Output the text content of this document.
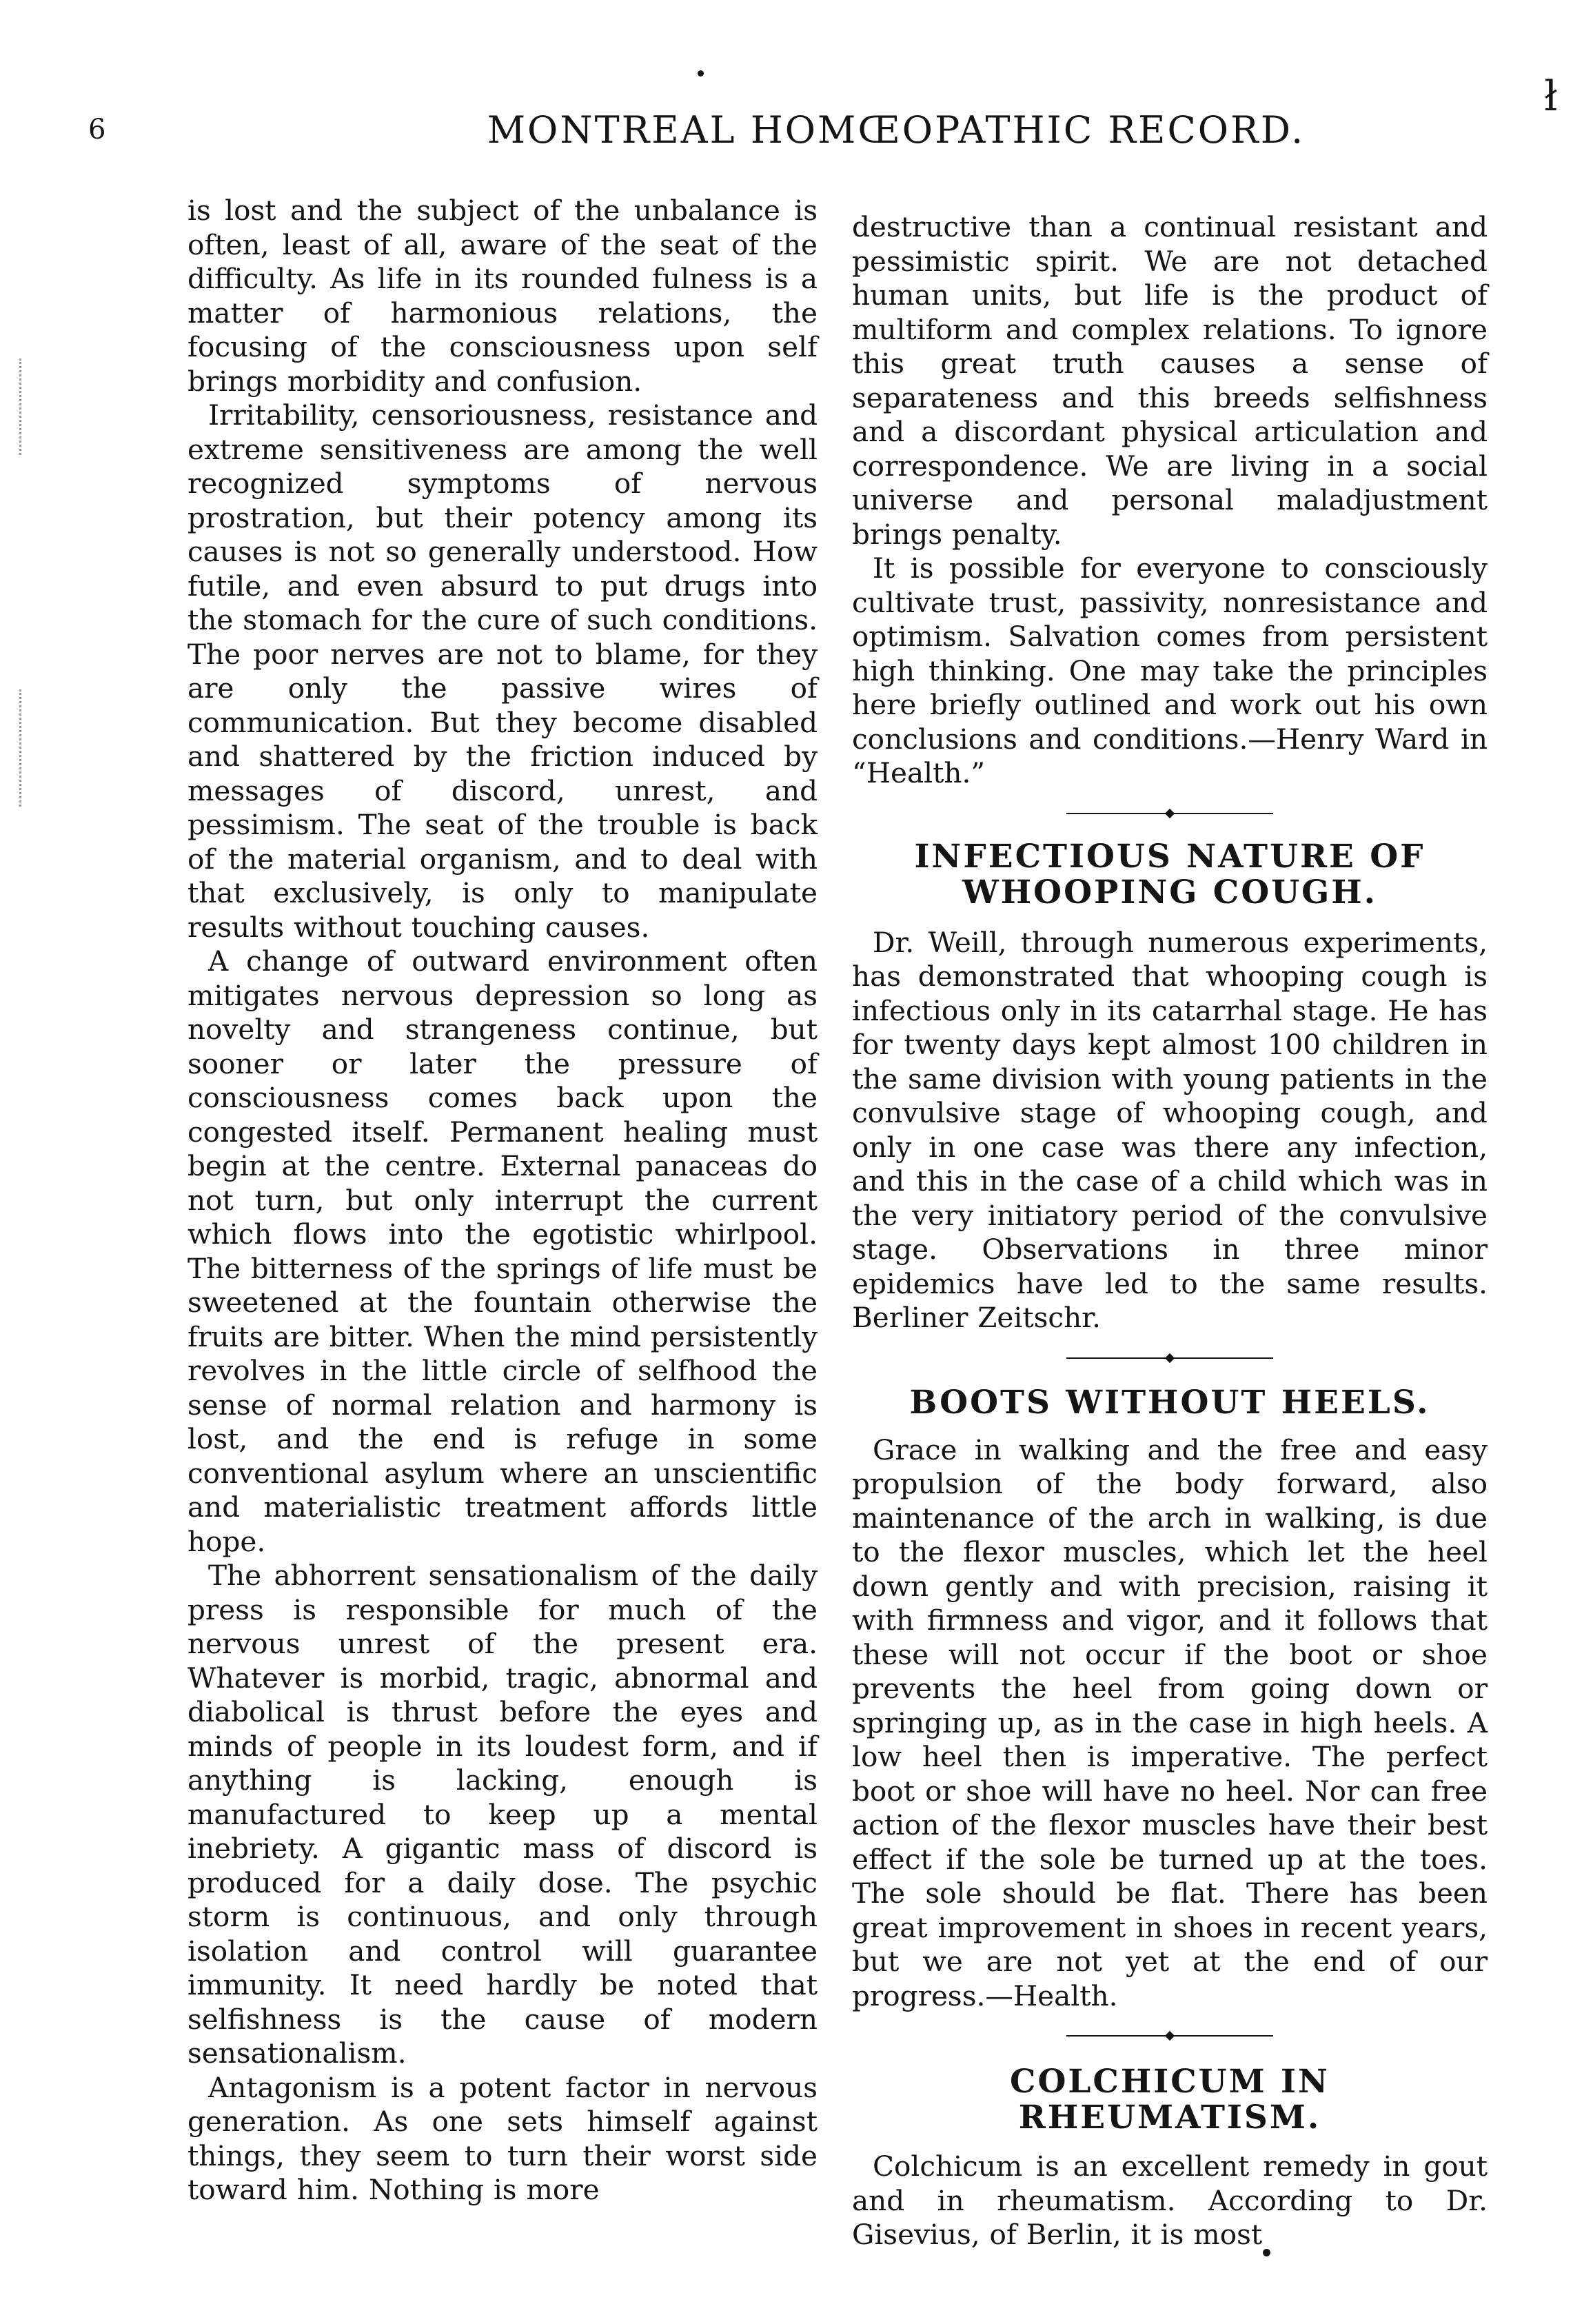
ł
6	MONTREAL HOMŒOPATHIC RECORD.

is lost and the subject of the unbalance is often, least of all, aware of the seat of the difficulty. As life in its rounded fulness is a matter of harmonious relations, the focusing of the consciousness upon self brings morbidity and confusion.

Irritability, censoriousness, resistance and extreme sensitiveness are among the well recognized symptoms of nervous prostration, but their potency among its causes is not so generally understood. How futile, and even absurd to put drugs into the stomach for the cure of such conditions. The poor nerves are not to blame, for they are only the passive wires of communication. But they become disabled and shattered by the friction induced by messages of discord, unrest, and pessimism. The seat of the trouble is back of the material organism, and to deal with that exclusively, is only to manipulate results without touching causes.

A change of outward environment often mitigates nervous depression so long as novelty and strangeness continue, but sooner or later the pressure of consciousness comes back upon the congested itself. Permanent healing must begin at the centre. External panaceas do not turn, but only interrupt the current which flows into the egotistic whirlpool. The bitterness of the springs of life must be sweetened at the fountain otherwise the fruits are bitter. When the mind persistently revolves in the little circle of selfhood the sense of normal relation and harmony is lost, and the end is refuge in some conventional asylum where an unscientific and materialistic treatment affords little hope.

The abhorrent sensationalism of the daily press is responsible for much of the nervous unrest of the present era. Whatever is morbid, tragic, abnormal and diabolical is thrust before the eyes and minds of people in its loudest form, and if anything is lacking, enough is manufactured to keep up a mental inebriety. A gigantic mass of discord is produced for a daily dose. The psychic storm is continuous, and only through isolation and control will guarantee immunity. It need hardly be noted that selfishness is the cause of modern sensationalism.

Antagonism is a potent factor in nervous generation. As one sets himself against things, they seem to turn their worst side toward him. Nothing is more

destructive than a continual resistant and pessimistic spirit. We are not detached human units, but life is the product of multiform and complex relations. To ignore this great truth causes a sense of separateness and this breeds selfishness and a discordant physical articulation and correspondence. We are living in a social universe and personal maladjustment brings penalty.

It is possible for everyone to consciously cultivate trust, passivity, nonresistance and optimism. Salvation comes from persistent high thinking. One may take the principles here briefly outlined and work out his own conclusions and conditions.—Henry Ward in “Health.”

INFECTIOUS NATURE OF WHOOPING COUGH.

Dr. Weill, through numerous experiments, has demonstrated that whooping cough is infectious only in its catarrhal stage. He has for twenty days kept almost 100 children in the same division with young patients in the convulsive stage of whooping cough, and only in one case was there any infection, and this in the case of a child which was in the very initiatory period of the convulsive stage. Observations in three minor epidemics have led to the same results. Berliner Zeitschr.

BOOTS WITHOUT HEELS.

Grace in walking and the free and easy propulsion of the body forward, also maintenance of the arch in walking, is due to the flexor muscles, which let the heel down gently and with precision, raising it with firmness and vigor, and it follows that these will not occur if the boot or shoe prevents the heel from going down or springing up, as in the case in high heels. A low heel then is imperative. The perfect boot or shoe will have no heel. Nor can free action of the flexor muscles have their best effect if the sole be turned up at the toes. The sole should be flat. There has been great improvement in shoes in recent years, but we are not yet at the end of our progress.—Health.

COLCHICUM IN RHEUMATISM.

Colchicum is an excellent remedy in gout and in rheumatism. According to Dr. Gisevius, of Berlin, it is most
